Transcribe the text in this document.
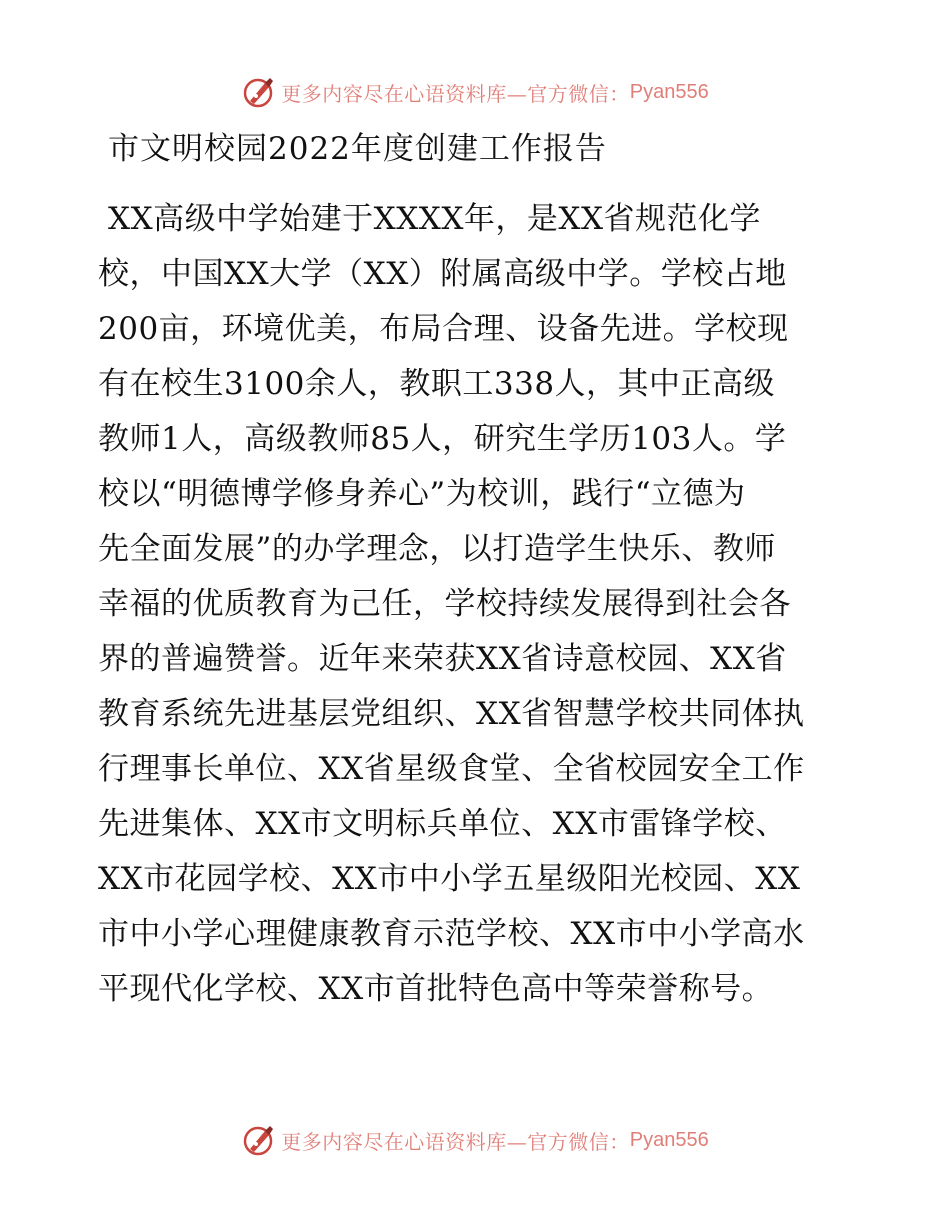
更多内容尽在心语资料库—官方微信： Pyan556
市文明校园2022年度创建工作报告
XX高级中学始建于XXXX年，是XX省规范化学
校，中国XX大学（XX）附属高级中学。学校占地
200亩，环境优美，布局合理、设备先进。学校现
有在校生3100余人，教职工338人，其中正高级
教师1人，高级教师85人，研究生学历103人。学
校以“明德博学修身养心”为校训，践行“立德为
先全面发展”的办学理念，以打造学生快乐、教师
幸福的优质教育为己任，学校持续发展得到社会各
界的普遍赞誉。近年来荣获XX省诗意校园、XX省
教育系统先进基层党组织、XX省智慧学校共同体执
行理事长单位、XX省星级食堂、全省校园安全工作
先进集体、XX市文明标兵单位、XX市雷锋学校、
XX市花园学校、XX市中小学五星级阳光校园、XX
市中小学心理健康教育示范学校、XX市中小学高水
平现代化学校、XX市首批特色高中等荣誉称号。
更多内容尽在心语资料库—官方微信： Pyan556
